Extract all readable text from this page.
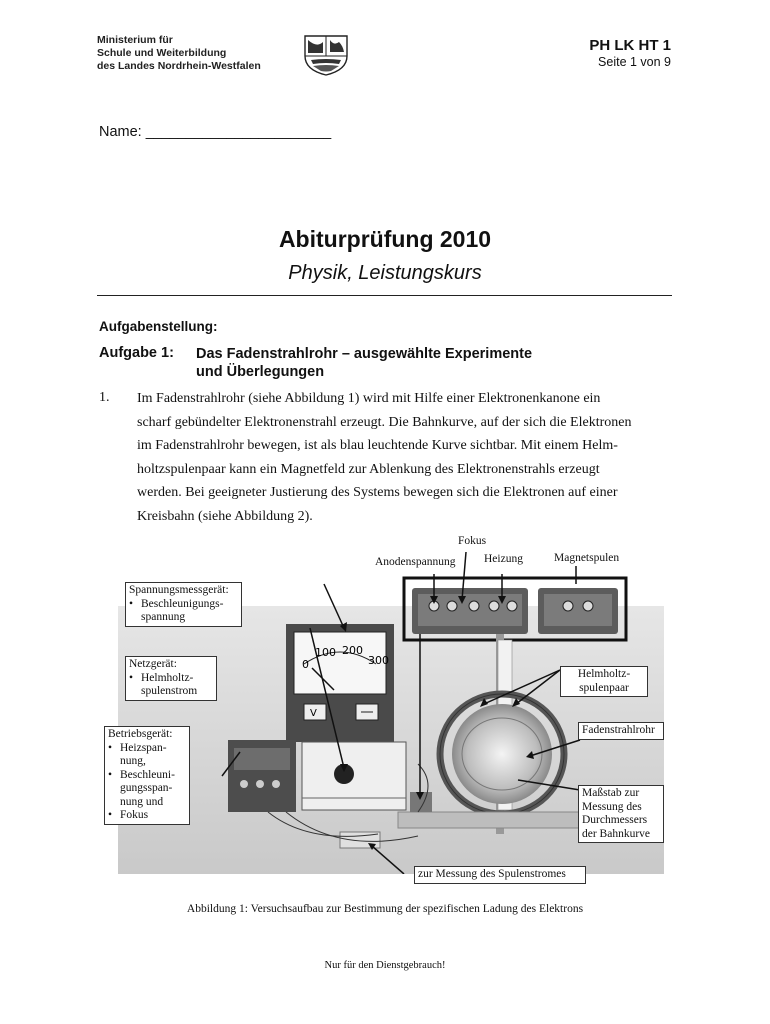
Ministerium für
Schule und Weiterbildung
des Landes Nordrhein-Westfalen
PH LK HT 1
Seite 1 von 9
Name: _______________________
Abiturprüfung 2010
Physik, Leistungskurs
Aufgabenstellung:
Aufgabe 1: Das Fadenstrahlrohr – ausgewählte Experimente
und Überlegungen
1. Im Fadenstrahlrohr (siehe Abbildung 1) wird mit Hilfe einer Elektronenkanone ein
scharf gebündelter Elektronenstrahl erzeugt. Die Bahnkurve, auf der sich die Elektronen
im Fadenstrahlrohr bewegen, ist als blau leuchtende Kurve sichtbar. Mit einem Helm-
holtzspulenpaar kann ein Magnetfeld zur Ablenkung des Elektronenstrahls erzeugt
werden. Bei geeigneter Justierung des Systems bewegen sich die Elektronen auf einer
Kreisbahn (siehe Abbildung 2).
0
100 200
300
V
Fokus
Anodenspannung Heizung	Magnetspulen
Spannungsmessgerät:
• Beschleunigungs-spannung
Netzgerät:
• Helmholtz-spulenstrom
Betriebsgerät:
• Heizspan-nung,
• Beschleuni-gungsspan-nung und
• Fokus
Helmholtz-spulenpaar
Fadenstrahlrohr
Maßstab zur Messung des Durchmessers der Bahnkurve
zur Messung des Spulenstromes
Abbildung 1: Versuchsaufbau zur Bestimmung der spezifischen Ladung des Elektrons
Nur für den Dienstgebrauch!
